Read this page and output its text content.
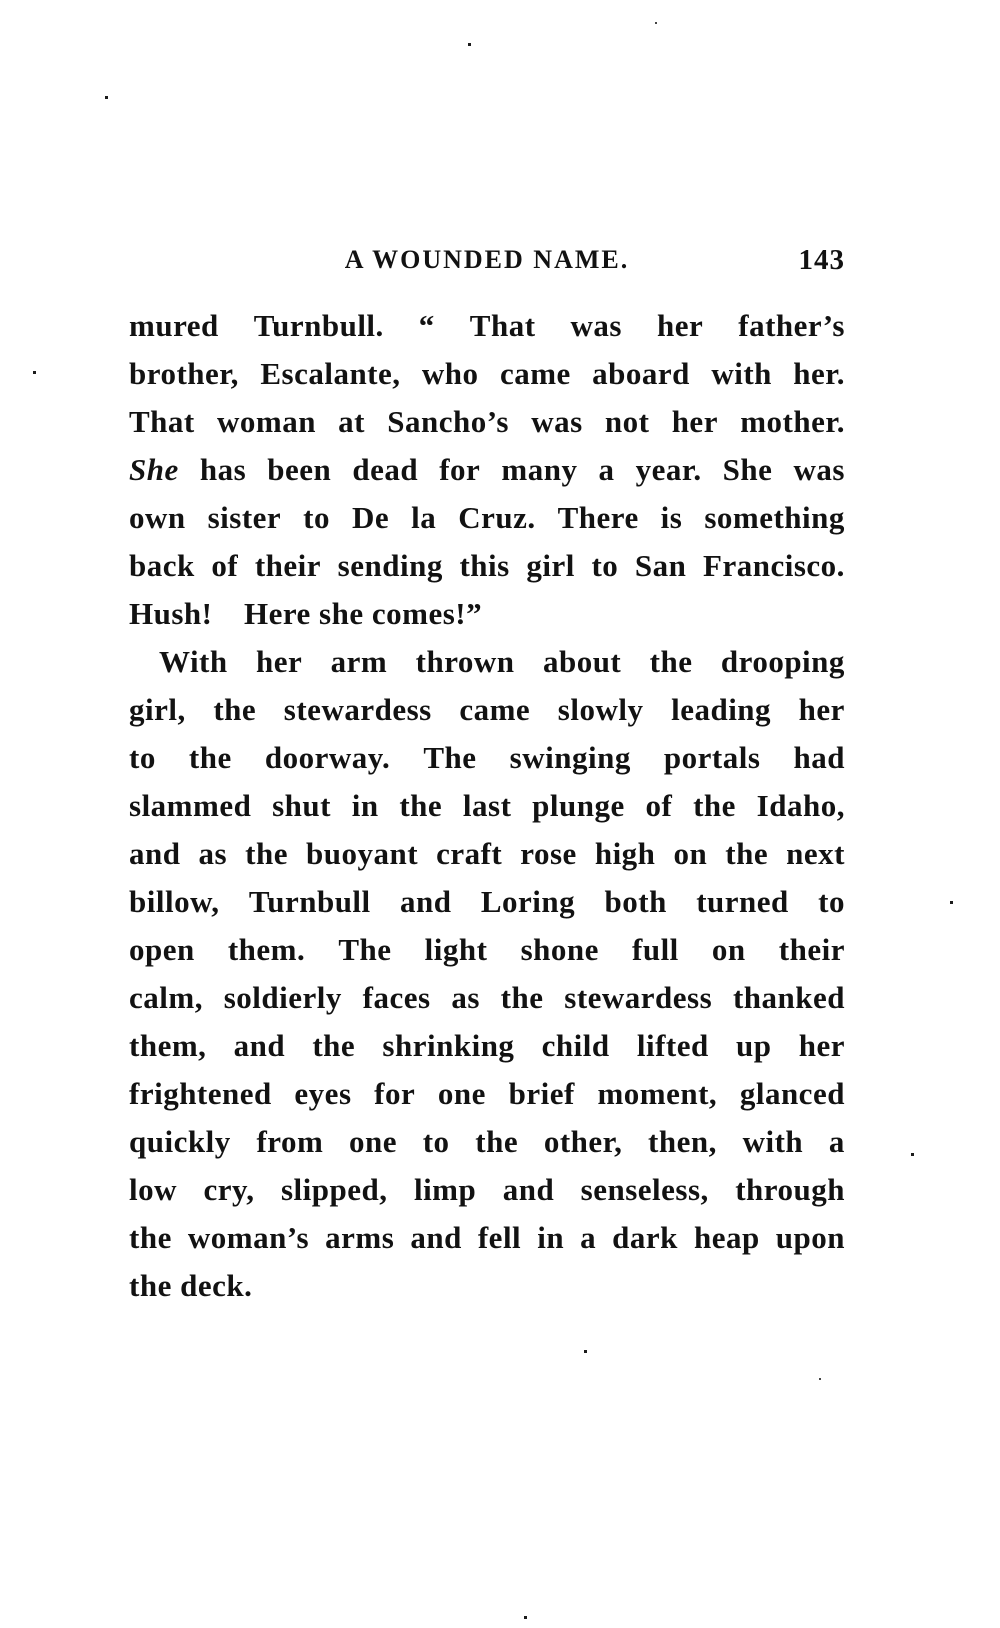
A WOUNDED NAME.	143
mured Turnbull. “ That was her father’s
brother, Escalante, who came aboard with her.
That woman at Sancho’s was not her mother.
She has been dead for many a year. She was
own sister to De la Cruz. There is something
back of their sending this girl to San Francisco.
Hush! Here she comes!”
With her arm thrown about the drooping
girl, the stewardess came slowly leading her
to the doorway. The swinging portals had
slammed shut in the last plunge of the Idaho,
and as the buoyant craft rose high on the next
billow, Turnbull and Loring both turned to
open them. The light shone full on their
calm, soldierly faces as the stewardess thanked
them, and the shrinking child lifted up her
frightened eyes for one brief moment, glanced
quickly from one to the other, then, with a
low cry, slipped, limp and senseless, through
the woman’s arms and fell in a dark heap upon
the deck.
